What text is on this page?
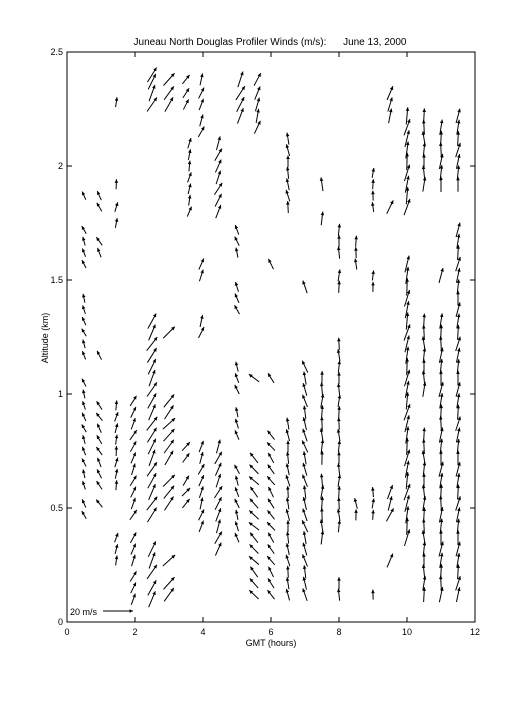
Juneau North Douglas Profiler Winds (m/s):      June 13, 2000
0	2	4	6	8	10	12
0
0.5
1
1.5
2
2.5
20 m/s
GMT (hours)
Altitude (km)
